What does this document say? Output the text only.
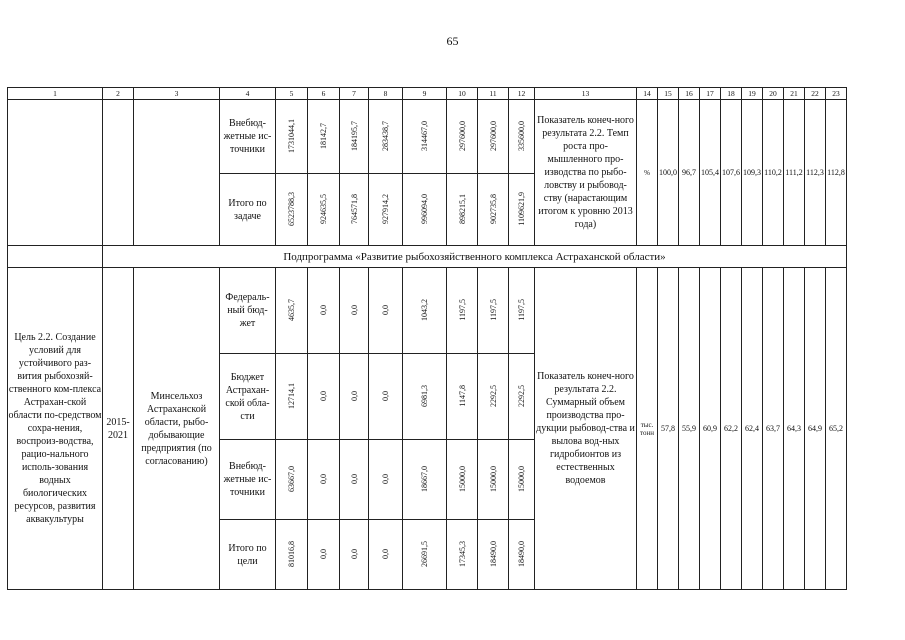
65
1	2	3	4	5	6	7	8	9	10	11	12	13	14	15	16	17	18	19	20	21	22	23
			Внебюд-жетные ис-точники	1731044,1	18142,7	184195,7	283438,7	314467,0	297600,0	297600,0	335600,0	Показатель конеч-ного результата 2.2. Темп роста про-мышленного про-изводства по рыбо-ловству и рыбовод-ству (нарастающим итогом к уровню 2013 года)	%	100,0	96,7	105,4	107,6	109,3	110,2	111,2	112,3	112,8
			Итого по задаче	6523788,3	924635,5	764571,8	927914,2	996094,0	898215,1	902735,8	1109621,9											
	Подпрограмма «Развитие рыбохозяйственного комплекса Астраханской области»																					
Цель 2.2. Создание условий для устойчивого раз-вития рыбохозяй-ственного ком-плекса Астрахан-ской области по-средством сохра-нения, воспроиз-водства, рацио-нального исполь-зования водных биологических ресурсов, развития аквакультуры	2015-2021	Минсельхоз Астраханской области, рыбо-добывающие предприятия (по согласованию)	Федераль-ный бюд-жет	4635,7	0,0	0,0	0,0	1043,2	1197,5	1197,5	1197,5	Показатель конеч-ного результата 2.2. Суммарный объем производства про-дукции рыбовод-ства и вылова вод-ных гидробионтов из естественных водоемов	тыс. тонн	57,8	55,9	60,9	62,2	62,4	63,7	64,3	64,9	65,2
			Бюджет Астрахан-ской обла-сти	12714,1	0,0	0,0	0,0	6981,3	1147,8	2292,5	2292,5											
			Внебюд-жетные ис-точники	63667,0	0,0	0,0	0,0	18667,0	15000,0	15000,0	15000,0											
			Итого по цели	81016,8	0,0	0,0	0,0	26691,5	17345,3	18490,0	18490,0											
